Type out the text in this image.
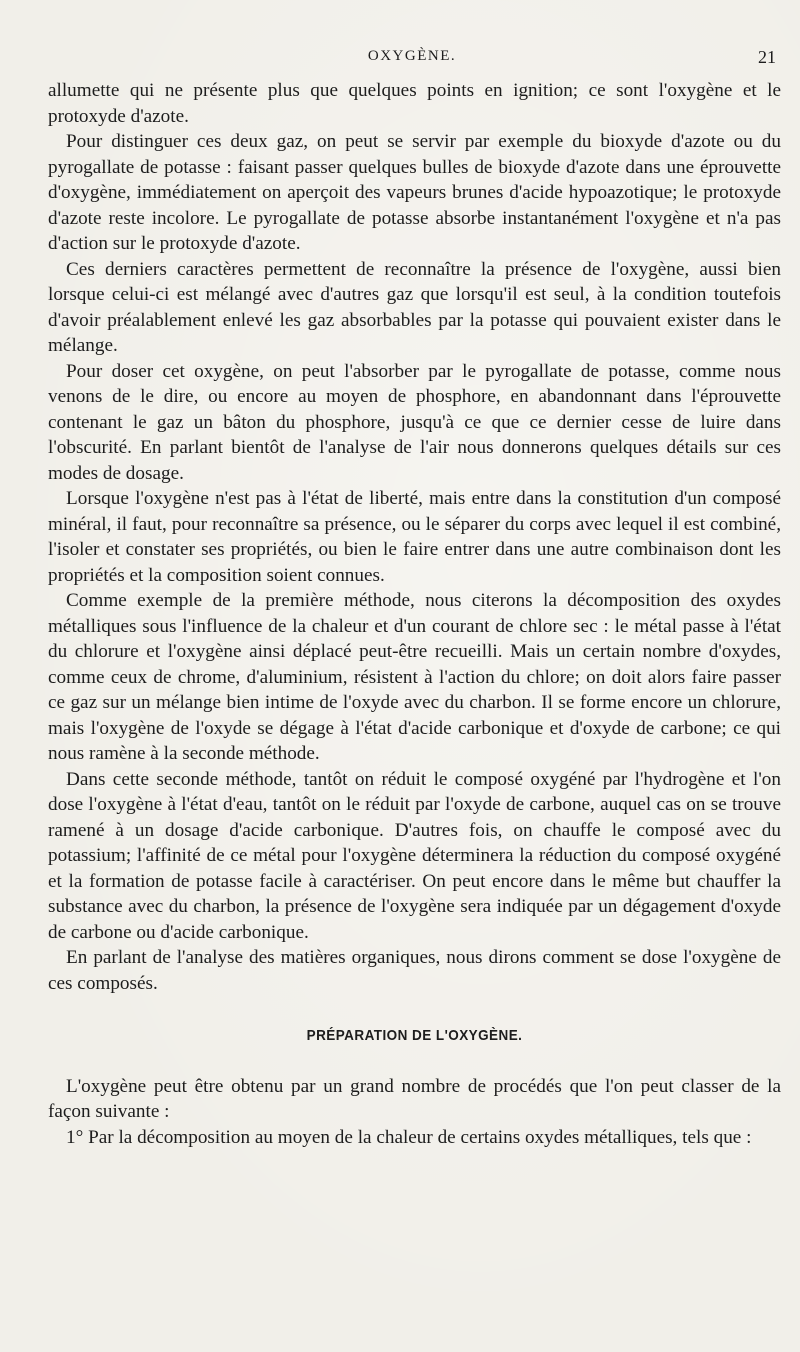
OXYGÈNE.	21

allumette qui ne présente plus que quelques points en ignition; ce sont l'oxygène et le protoxyde d'azote.

Pour distinguer ces deux gaz, on peut se servir par exemple du bioxyde d'azote ou du pyrogallate de potasse : faisant passer quelques bulles de bioxyde d'azote dans une éprouvette d'oxygène, immédiatement on aperçoit des vapeurs brunes d'acide hypoazotique; le protoxyde d'azote reste incolore. Le pyrogallate de potasse absorbe instantanément l'oxygène et n'a pas d'action sur le protoxyde d'azote.

Ces derniers caractères permettent de reconnaître la présence de l'oxygène, aussi bien lorsque celui-ci est mélangé avec d'autres gaz que lorsqu'il est seul, à la condition toutefois d'avoir préalablement enlevé les gaz absorbables par la potasse qui pouvaient exister dans le mélange.

Pour doser cet oxygène, on peut l'absorber par le pyrogallate de potasse, comme nous venons de le dire, ou encore au moyen de phosphore, en abandonnant dans l'éprouvette contenant le gaz un bâton du phosphore, jusqu'à ce que ce dernier cesse de luire dans l'obscurité. En parlant bientôt de l'analyse de l'air nous donnerons quelques détails sur ces modes de dosage.

Lorsque l'oxygène n'est pas à l'état de liberté, mais entre dans la constitution d'un composé minéral, il faut, pour reconnaître sa présence, ou le séparer du corps avec lequel il est combiné, l'isoler et constater ses propriétés, ou bien le faire entrer dans une autre combinaison dont les propriétés et la composition soient connues.

Comme exemple de la première méthode, nous citerons la décomposition des oxydes métalliques sous l'influence de la chaleur et d'un courant de chlore sec : le métal passe à l'état du chlorure et l'oxygène ainsi déplacé peut-être recueilli. Mais un certain nombre d'oxydes, comme ceux de chrome, d'aluminium, résistent à l'action du chlore; on doit alors faire passer ce gaz sur un mélange bien intime de l'oxyde avec du charbon. Il se forme encore un chlorure, mais l'oxygène de l'oxyde se dégage à l'état d'acide carbonique et d'oxyde de carbone; ce qui nous ramène à la seconde méthode.

Dans cette seconde méthode, tantôt on réduit le composé oxygéné par l'hydrogène et l'on dose l'oxygène à l'état d'eau, tantôt on le réduit par l'oxyde de carbone, auquel cas on se trouve ramené à un dosage d'acide carbonique. D'autres fois, on chauffe le composé avec du potassium; l'affinité de ce métal pour l'oxygène déterminera la réduction du composé oxygéné et la formation de potasse facile à caractériser. On peut encore dans le même but chauffer la substance avec du charbon, la présence de l'oxygène sera indiquée par un dégagement d'oxyde de carbone ou d'acide carbonique.

En parlant de l'analyse des matières organiques, nous dirons comment se dose l'oxygène de ces composés.

PRÉPARATION DE L'OXYGÈNE.

L'oxygène peut être obtenu par un grand nombre de procédés que l'on peut classer de la façon suivante :

1° Par la décomposition au moyen de la chaleur de certains oxydes métalliques, tels que :
